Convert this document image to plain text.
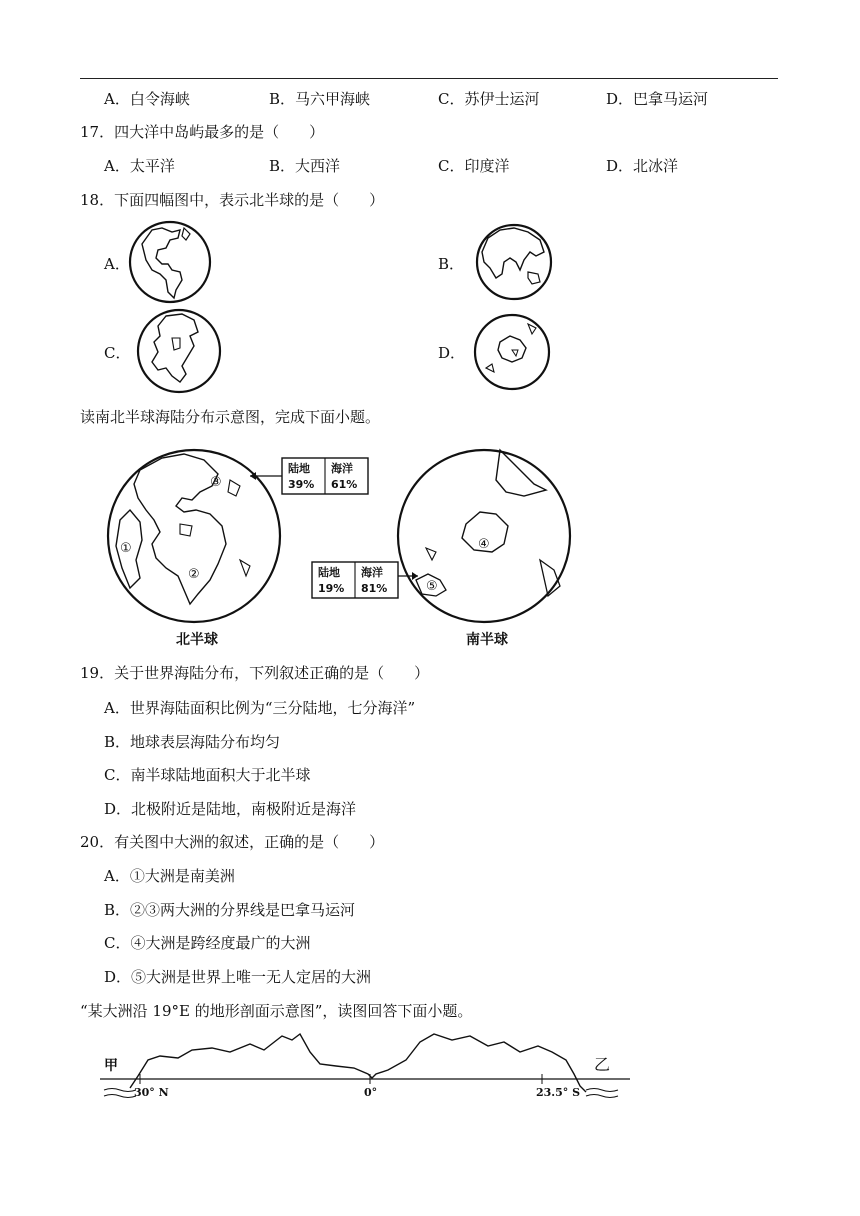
A．白令海峡	B．马六甲海峡	C．苏伊士运河	D．巴拿马运河
17．四大洋中岛屿最多的是（　　）
A．太平洋	B．大西洋	C．印度洋	D．北冰洋
18．下面四幅图中，表示北半球的是（　　）
A．	B．
C．	D．
读南北半球海陆分布示意图，完成下面小题。
③
①
②
陆地 海洋
39% 61%
④
⑤
陆地 海洋
19% 81%
北半球	南半球
19．关于世界海陆分布，下列叙述正确的是（　　）
A．世界海陆面积比例为“三分陆地，七分海洋”
B．地球表层海陆分布均匀
C．南半球陆地面积大于北半球
D．北极附近是陆地，南极附近是海洋
20．有关图中大洲的叙述，正确的是（　　）
A．①大洲是南美洲
B．②③两大洲的分界线是巴拿马运河
C．④大洲是跨经度最广的大洲
D．⑤大洲是世界上唯一无人定居的大洲
“某大洲沿 19°E 的地形剖面示意图”，读图回答下面小题。
甲	乙
30° N	0°	23.5° S
